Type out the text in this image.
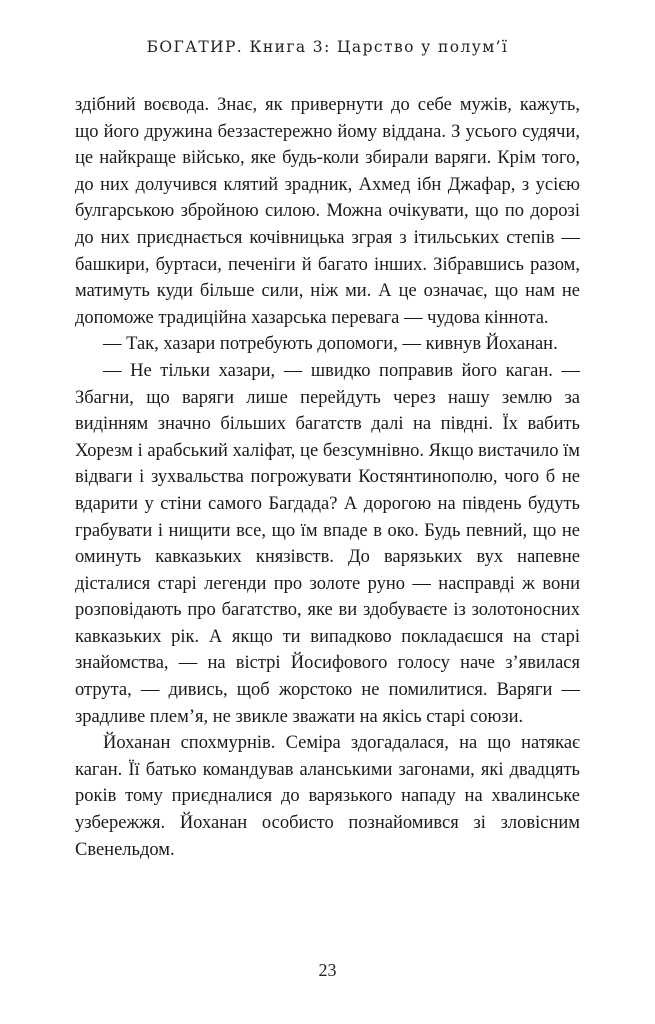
БОГАТИР. Книга 3: Царство у полум’ї

здібний воєвода. Знає, як привернути до себе мужів, кажуть, що його дружина беззастережно йому віддана. З усього судячи, це найкраще військо, яке будь-коли збирали варяги. Крім того, до них долучився клятий зрадник, Ахмед ібн Джафар, з усією булгарською збройною силою. Можна очікувати, що по дорозі до них приєднається кочівницька зграя з ітильських степів — башкири, буртаси, печеніги й багато інших. Зібравшись разом, матимуть куди більше сили, ніж ми. А це означає, що нам не допоможе традиційна хазарська перевага — чудова кіннота.

— Так, хазари потребують допомоги, — кивнув Йоханан.

— Не тільки хазари, — швидко поправив його каган. — Збагни, що варяги лише перейдуть через нашу землю за видінням значно більших багатств далі на півдні. Їх вабить Хорезм і арабський халіфат, це безсумнівно. Якщо вистачило їм відваги і зухвальства погрожувати Костянтинополю, чого б не вдарити у стіни самого Багдада? А дорогою на південь будуть грабувати і нищити все, що їм впаде в око. Будь певний, що не оминуть кавказьких князівств. До варязьких вух напевне дісталися старі легенди про золоте руно — насправді ж вони розповідають про багатство, яке ви здобуваєте із золотоносних кавказьких рік. А якщо ти випадково покладаєшся на старі знайомства, — на вістрі Йосифового голосу наче з’явилася отрута, — дивись, щоб жорстоко не помилитися. Варяги — зрадливе плем’я, не звикле зважати на якісь старі союзи.

Йоханан спохмурнів. Семіра здогадалася, на що натякає каган. Її батько командував аланськими загонами, які двадцять років тому приєдналися до варязького нападу на хвалинське узбережжя. Йоханан особисто познайомився зі зловісним Свенельдом.

23
